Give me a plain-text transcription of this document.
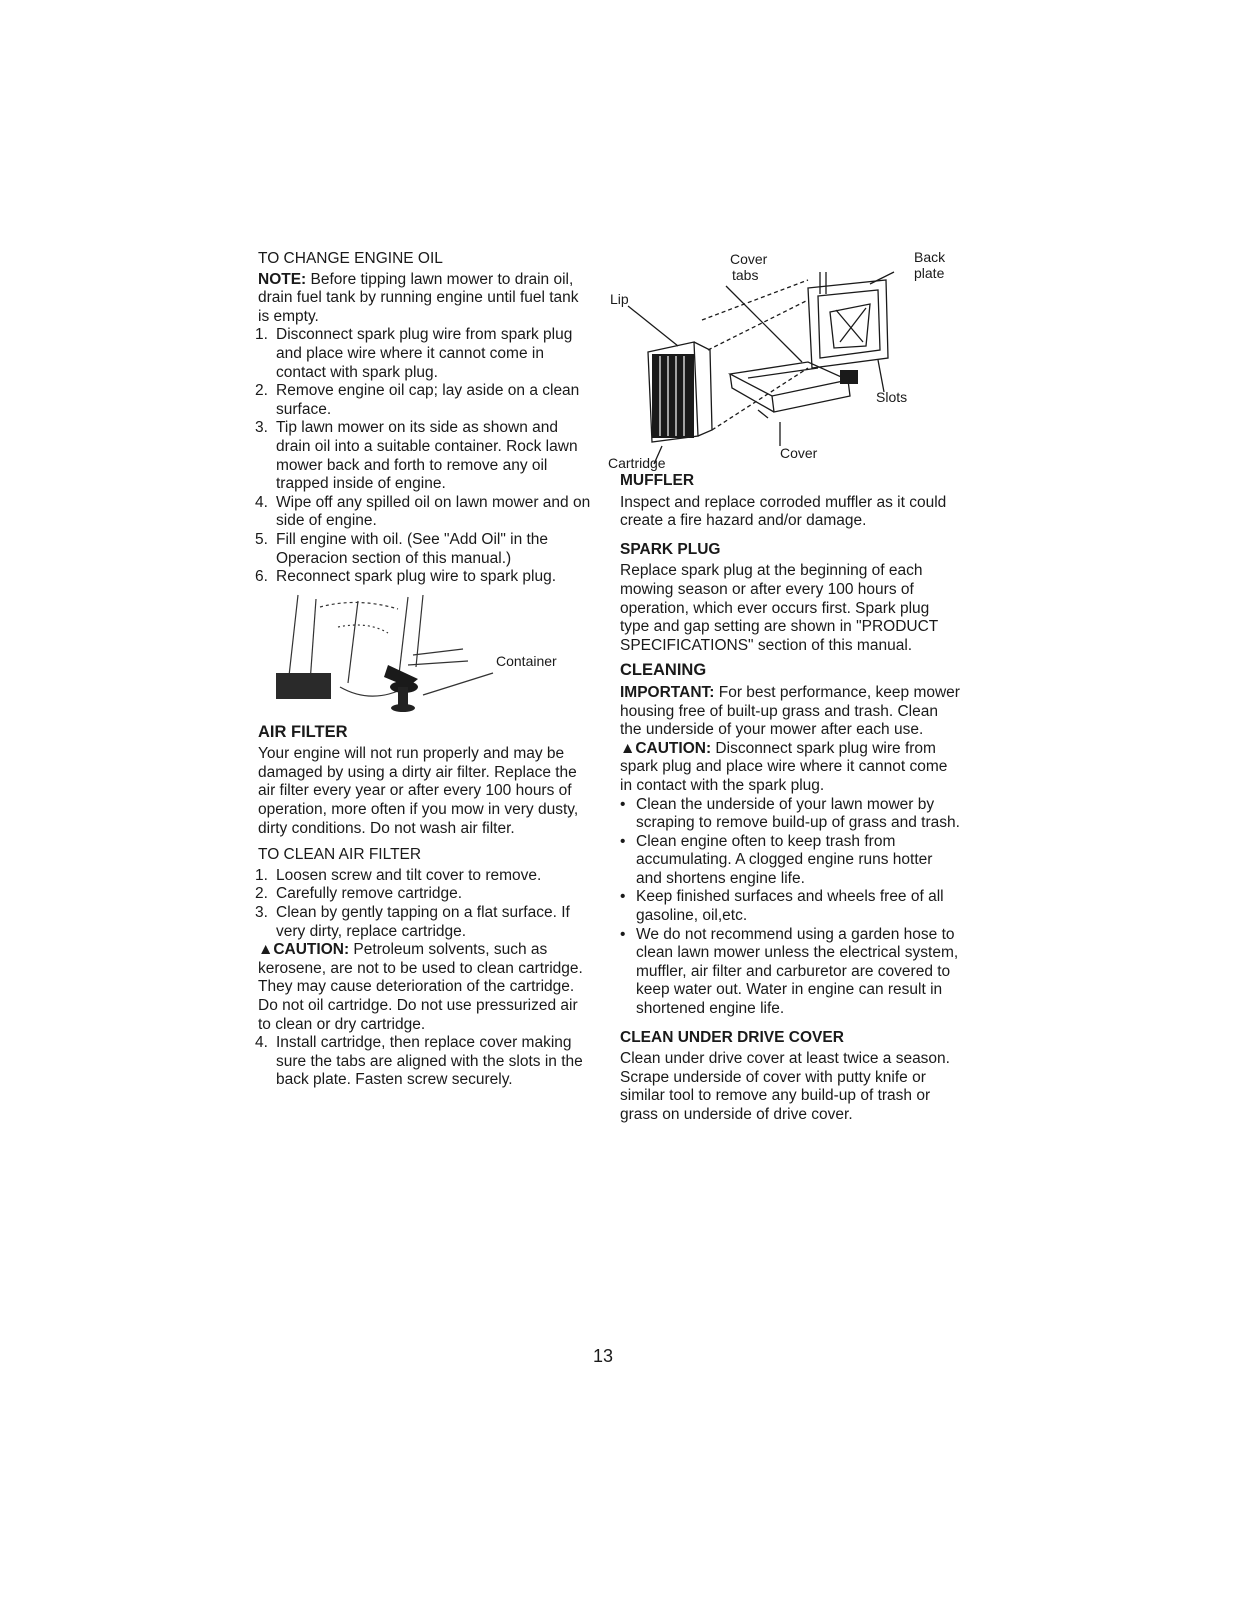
TO CHANGE ENGINE OIL

NOTE: Before tipping lawn mower to drain oil, drain fuel tank by running engine until fuel tank is empty.

1. Disconnect spark plug wire from spark plug and place wire where it cannot come in contact with spark plug.
2. Remove engine oil cap; lay aside on a clean surface.
3. Tip lawn mower on its side as shown and drain oil into a suitable container. Rock lawn mower back and forth to remove any oil trapped inside of engine.
4. Wipe off any spilled oil on lawn mower and on side of engine.
5. Fill engine with oil. (See "Add Oil" in the Operacion section of this manual.)
6. Reconnect spark plug wire to spark plug.
Container
AIR FILTER

Your engine will not run properly and may be damaged by using a dirty air filter. Replace the air filter every year or after every 100 hours of operation, more often if you mow in very dusty, dirty conditions. Do not wash air filter.

TO CLEAN AIR FILTER
1. Loosen screw and tilt cover to remove.
2. Carefully remove cartridge.
3. Clean by gently tapping on a flat surface. If very dirty, replace cartridge.

▲CAUTION: Petroleum solvents, such as kerosene, are not to be used to clean cartridge. They may cause deterioration of the cartridge. Do not oil cartridge. Do not use pressurized air to clean or dry cartridge.

4. Install cartridge, then replace cover making sure the tabs are aligned with the slots in the back plate. Fasten screw securely.
Cover
tabs
Back
plate
Lip
Slots
Cover
Cartridge
MUFFLER

Inspect and replace corroded muffler as it could create a fire hazard and/or damage.

SPARK PLUG

Replace spark plug at the beginning of each mowing season or after every 100 hours of operation, which ever occurs first. Spark plug type and gap setting are shown in "PRODUCT SPECIFICATIONS" section of this manual.

CLEANING

IMPORTANT: For best performance, keep mower housing free of built-up grass and trash. Clean the underside of your mower after each use.

▲CAUTION: Disconnect spark plug wire from spark plug and place wire where it cannot come in contact with the spark plug.

• Clean the underside of your lawn mower by scraping to remove build-up of grass and trash.
• Clean engine often to keep trash from accumulating. A clogged engine runs hotter and shortens engine life.
• Keep finished surfaces and wheels free of all gasoline, oil,etc.
• We do not recommend using a garden hose to clean lawn mower unless the electrical system, muffler, air filter and carburetor are covered to keep water out. Water in engine can result in shortened engine life.
CLEAN UNDER DRIVE COVER

Clean under drive cover at least twice a season. Scrape underside of cover with putty knife or similar tool to remove any build-up of trash or grass on underside of drive cover.

13
